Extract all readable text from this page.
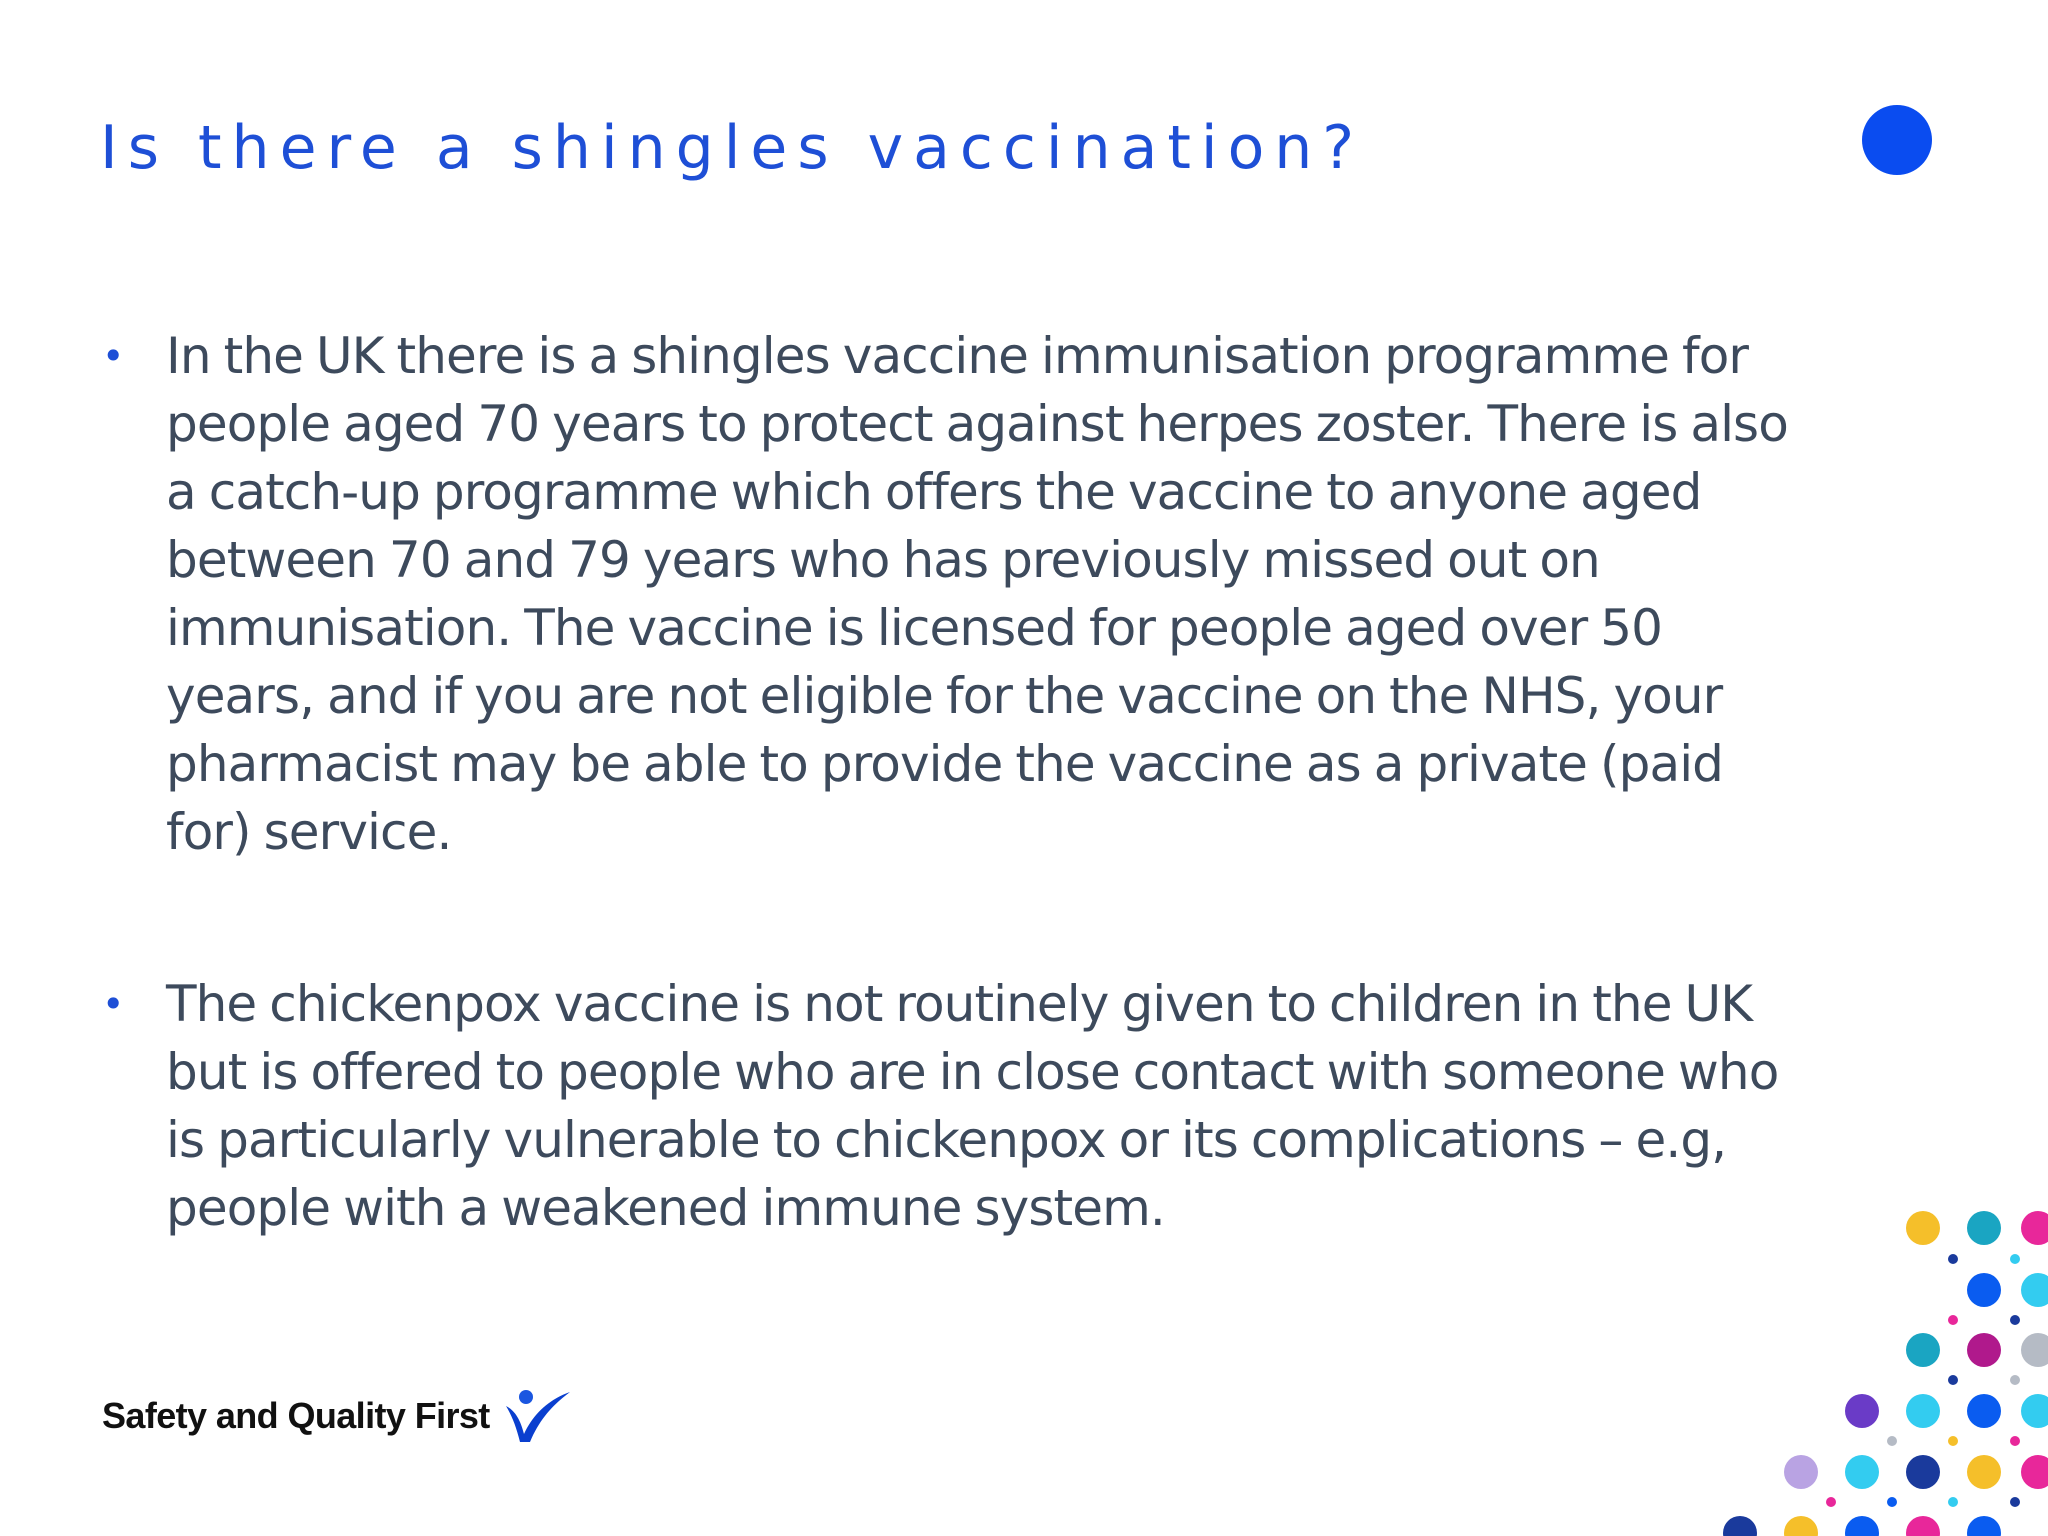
Is there a shingles vaccination?
• In the UK there is a shingles vaccine immunisation programme for people aged 70 years to protect against herpes zoster. There is also a catch-up programme which offers the vaccine to anyone aged between 70 and 79 years who has previously missed out on immunisation. The vaccine is licensed for people aged over 50 years, and if you are not eligible for the vaccine on the NHS, your pharmacist may be able to provide the vaccine as a private (paid for) service.
• The chickenpox vaccine is not routinely given to children in the UK but is offered to people who are in close contact with someone who is particularly vulnerable to chickenpox or its complications – e.g, people with a weakened immune system.
Safety and Quality First
